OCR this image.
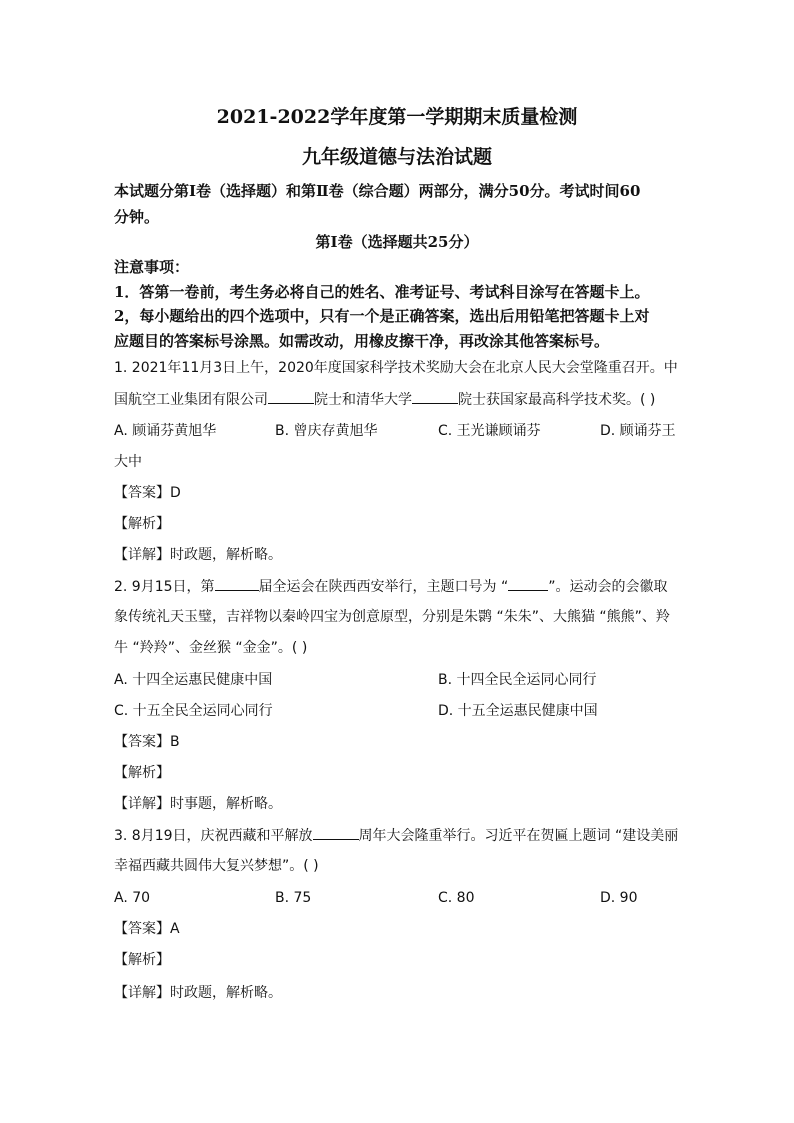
2021-2022学年度第一学期期末质量检测
九年级道德与法治试题
本试题分第Ⅰ卷（选择题）和第Ⅱ卷（综合题）两部分，满分50分。考试时间60
分钟。
第Ⅰ卷（选择题共25分）
注意事项：
1．答第一卷前，考生务必将自己的姓名、准考证号、考试科目涂写在答题卡上。
2，每小题给出的四个选项中，只有一个是正确答案，选出后用铅笔把答题卡上对
应题目的答案标号涂黑。如需改动，用橡皮擦干净，再改涂其他答案标号。
1. 2021年11月3日上午，2020年度国家科学技术奖励大会在北京人民大会堂隆重召开。中
国航空工业集团有限公司	院士和清华大学	院士获国家最高科学技术奖。( )
A. 顾诵芬黄旭华	B. 曾庆存黄旭华	C. 王光谦顾诵芬	D. 顾诵芬王
大中
【答案】D
【解析】
【详解】时政题，解析略。
2. 9月15日，第	届全运会在陕西西安举行，主题口号为 “	”。运动会的会徽取
象传统礼天玉璧，吉祥物以秦岭四宝为创意原型，分别是朱鹮 “朱朱”、大熊猫 “熊熊”、羚
牛 “羚羚”、金丝猴 “金金”。( )
A. 十四全运惠民健康中国	B. 十四全民全运同心同行
C. 十五全民全运同心同行	D. 十五全运惠民健康中国
【答案】B
【解析】
【详解】时事题，解析略。
3. 8月19日，庆祝西藏和平解放	周年大会隆重举行。习近平在贺匾上题词 “建设美丽
幸福西藏共圆伟大复兴梦想”。( )
A. 70	B. 75	C. 80	D. 90
【答案】A
【解析】
【详解】时政题，解析略。
